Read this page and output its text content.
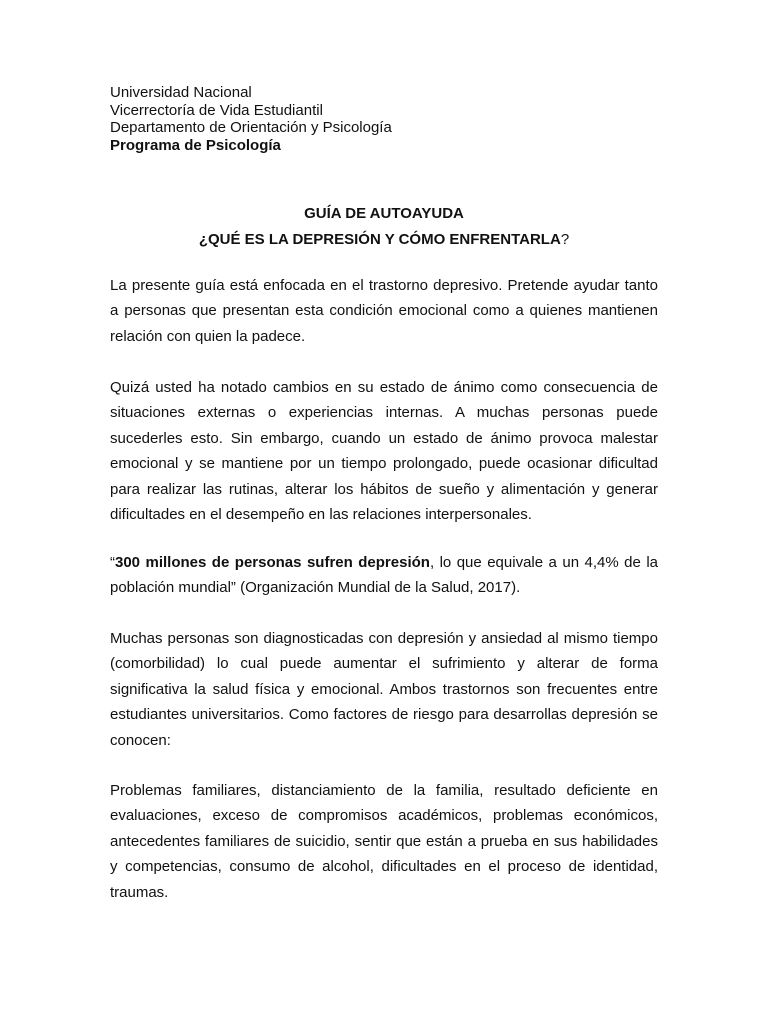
Universidad Nacional
Vicerrectoría de Vida Estudiantil
Departamento de Orientación y Psicología
Programa de Psicología
GUÍA DE AUTOAYUDA
¿QUÉ ES LA DEPRESIÓN Y CÓMO ENFRENTARLA?

La presente guía está enfocada en el trastorno depresivo. Pretende ayudar tanto a personas que presentan esta condición emocional como a quienes mantienen relación con quien la padece.

Quizá usted ha notado cambios en su estado de ánimo como consecuencia de situaciones externas o experiencias internas. A muchas personas puede sucederles esto. Sin embargo, cuando un estado de ánimo provoca malestar emocional y se mantiene por un tiempo prolongado, puede ocasionar dificultad para realizar las rutinas, alterar los hábitos de sueño y alimentación y generar dificultades en el desempeño en las relaciones interpersonales.

“300 millones de personas sufren depresión, lo que equivale a un 4,4% de la población mundial” (Organización Mundial de la Salud, 2017).

Muchas personas son diagnosticadas con depresión y ansiedad al mismo tiempo (comorbilidad) lo cual puede aumentar el sufrimiento y alterar de forma significativa la salud física y emocional. Ambos trastornos son frecuentes entre estudiantes universitarios. Como factores de riesgo para desarrollas depresión se conocen:

Problemas familiares, distanciamiento de la familia, resultado deficiente en evaluaciones, exceso de compromisos académicos, problemas económicos, antecedentes familiares de suicidio, sentir que están a prueba en sus habilidades y competencias, consumo de alcohol, dificultades en el proceso de identidad, traumas.
